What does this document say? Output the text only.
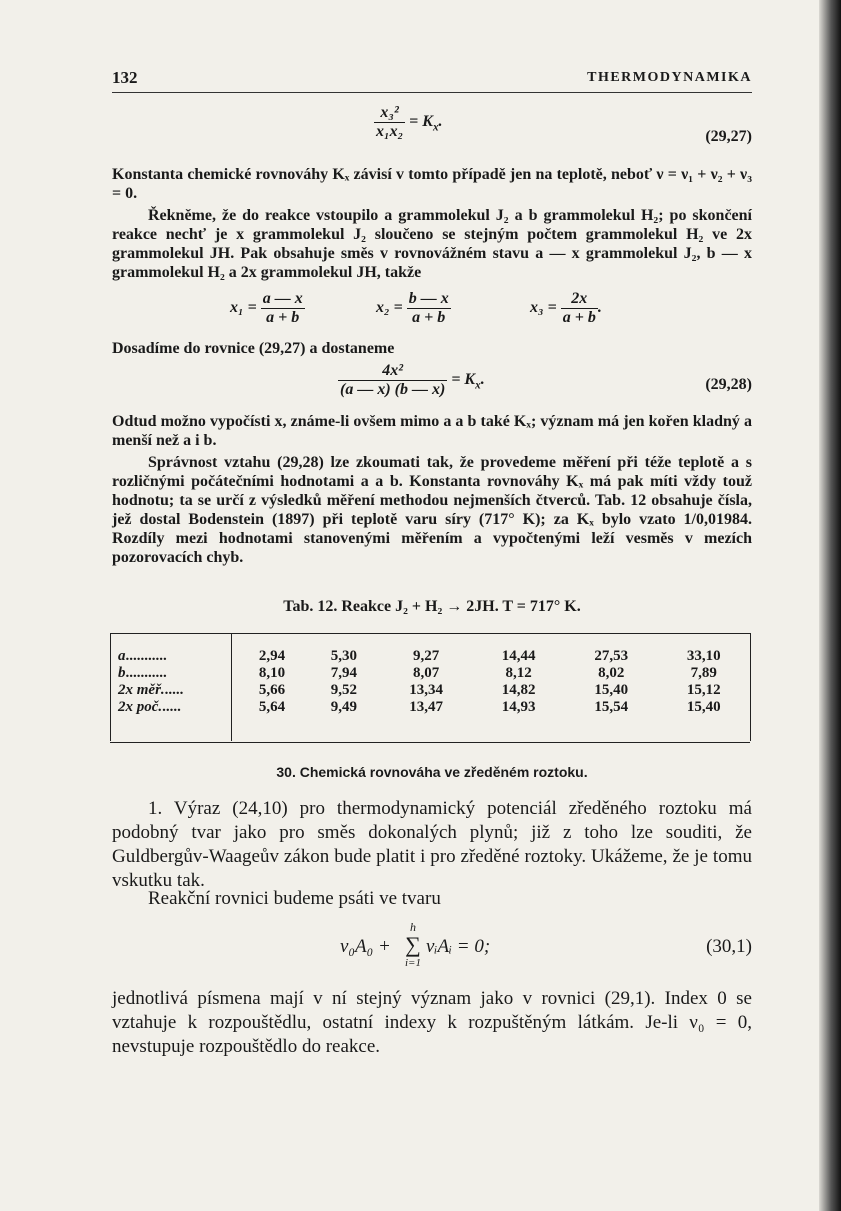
132	THERMODYNAMIKA
$\frac{\text{x₃²}}{\text{x₁x₂}} = K_x$.
(29,27)
Konstanta chemické rovnováhy Kₓ závisí v tomto případě jen na teplotě, neboť ν = ν₁ + ν₂ + ν₃ = 0.
Řekněme, že do reakce vstoupilo a grammolekul J₂ a b grammolekul H₂; po skončení reakce nechť je x grammolekul J₂ sloučeno se stejným počtem grammolekul H₂ ve 2x grammolekul JH. Pak obsahuje směs v rovnovážném stavu a — x grammolekul J₂, b — x grammolekul H₂ a 2x grammolekul JH, takže
$x_1 = \frac{a — x}{a + b}$	$x_2 = \frac{b — x}{a + b}$	$x_3 = \frac{2x}{a + b}$ .
Dosadíme do rovnice (29,27) a dostaneme
$\frac{\text{4x²}}{(a — x) (b — x)} = K_x$.	(29,28)
Odtud možno vypočísti x, známe-li ovšem mimo a a b také Kₓ; význam má jen kořen kladný a menší než a i b.
Správnost vztahu (29,28) lze zkoumati tak, že provedeme měření při téže teplotě a s rozličnými počátečními hodnotami a a b. Konstanta rovnováhy Kₓ má pak míti vždy touž hodnotu; ta se určí z výsledků měření methodou nejmenších čtverců. Tab. 12 obsahuje čísla, jež dostal Bodenstein (1897) při teplotě varu síry (717° K); za Kₓ bylo vzato 1/0,01984. Rozdíly mezi hodnotami stanovenými měřením a vypočtenými leží vesměs v mezích pozorovacích chyb.
Tab. 12. Reakce J₂ + H₂ → 2JH. T = 717° K.
a...........	2,94	5,30	9,27	14,44	27,53	33,10
b...........	8,10	7,94	8,07	8,12	8,02	7,89
2x měř......	5,66	9,52	13,34	14,82	15,40	15,12
2x poč......	5,64	9,49	13,47	14,93	15,54	15,40
30. Chemická rovnováha ve zředěném roztoku.
1. Výraz (24,10) pro thermodynamický potenciál zředěného roztoku má podobný tvar jako pro směs dokonalých plynů; již z toho lze souditi, že Guldbergův-Waageův zákon bude platit i pro zředěné roztoky. Ukážeme, že je tomu vskutku tak.
Reakční rovnici budeme psáti ve tvaru
ν₀A₀ +
h
∑
i=1
νᵢAᵢ = 0;	(30,1)
jednotlivá písmena mají v ní stejný význam jako v rovnici (29,1). Index 0 se vztahuje k rozpouštědlu, ostatní indexy k rozpuštěným látkám. Je-li ν₀ = 0, nevstupuje rozpouštědlo do reakce.
